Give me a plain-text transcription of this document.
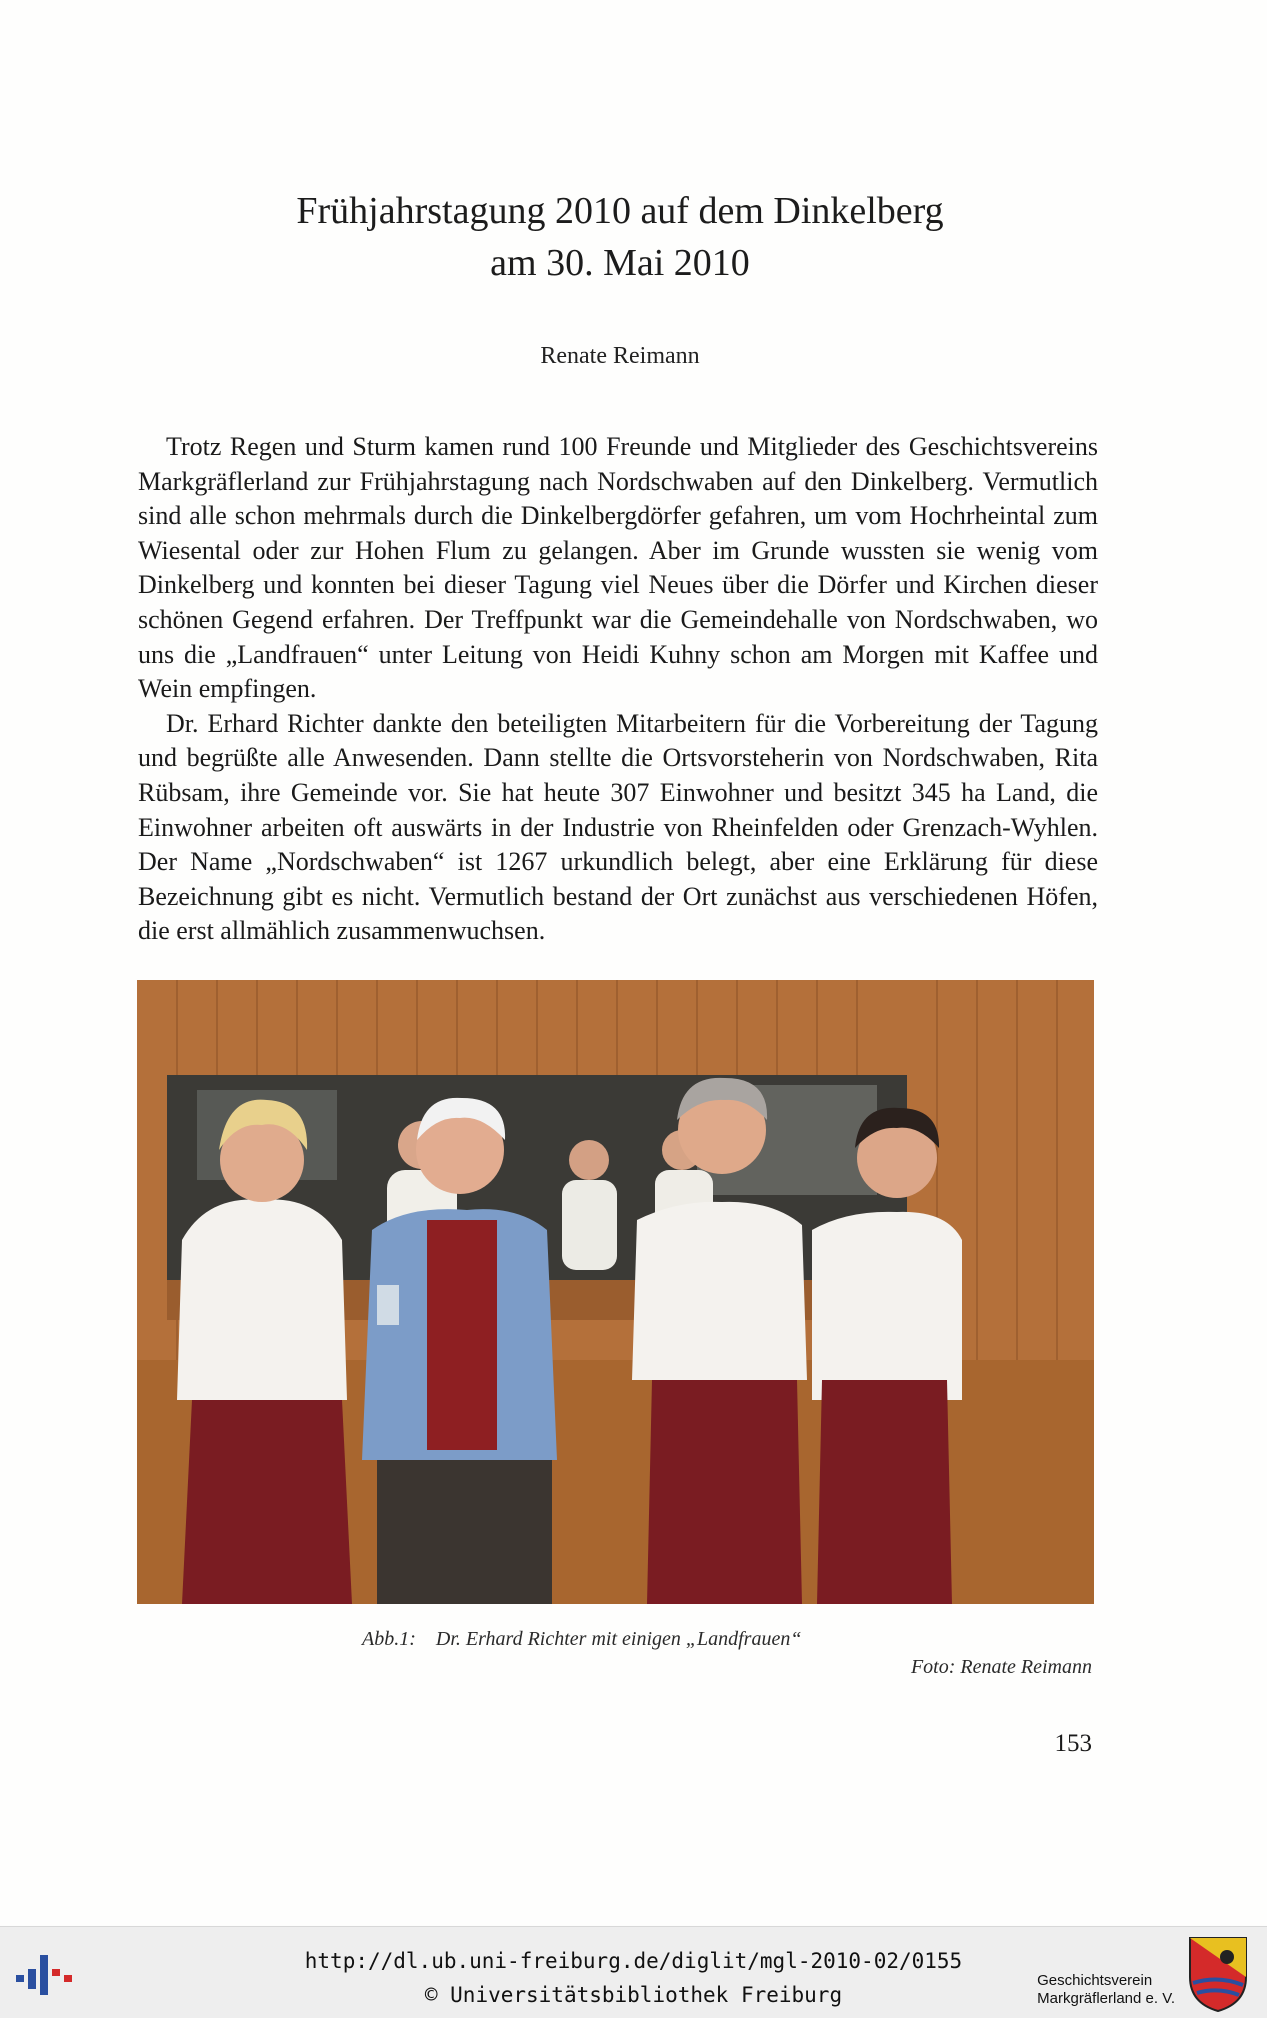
Frühjahrstagung 2010 auf dem Dinkelberg
am 30. Mai 2010
Renate Reimann

Trotz Regen und Sturm kamen rund 100 Freunde und Mitglieder des Geschichtsvereins Markgräflerland zur Frühjahrstagung nach Nordschwaben auf den Dinkelberg. Vermutlich sind alle schon mehrmals durch die Dinkelbergdörfer gefahren, um vom Hochrheintal zum Wiesental oder zur Hohen Flum zu gelangen. Aber im Grunde wussten sie wenig vom Dinkelberg und konnten bei dieser Tagung viel Neues über die Dörfer und Kirchen dieser schönen Gegend erfahren. Der Treffpunkt war die Gemeindehalle von Nordschwaben, wo uns die „Landfrauen“ unter Leitung von Heidi Kuhny schon am Morgen mit Kaffee und Wein empfingen.

Dr. Erhard Richter dankte den beteiligten Mitarbeitern für die Vorbereitung der Tagung und begrüßte alle Anwesenden. Dann stellte die Ortsvorsteherin von Nordschwaben, Rita Rübsam, ihre Gemeinde vor. Sie hat heute 307 Einwohner und besitzt 345 ha Land, die Einwohner arbeiten oft auswärts in der Industrie von Rheinfelden oder Grenzach-Wyhlen. Der Name „Nordschwaben“ ist 1267 urkundlich belegt, aber eine Erklärung für diese Bezeichnung gibt es nicht. Vermutlich bestand der Ort zunächst aus verschiedenen Höfen, die erst allmählich zusammenwuchsen.

Abb.1: Dr. Erhard Richter mit einigen „Landfrauen“
Foto: Renate Reimann
153
http://dl.ub.uni-freiburg.de/diglit/mgl-2010-02/0155
© Universitätsbibliothek Freiburg
Geschichtsverein
Markgräflerland e. V.
